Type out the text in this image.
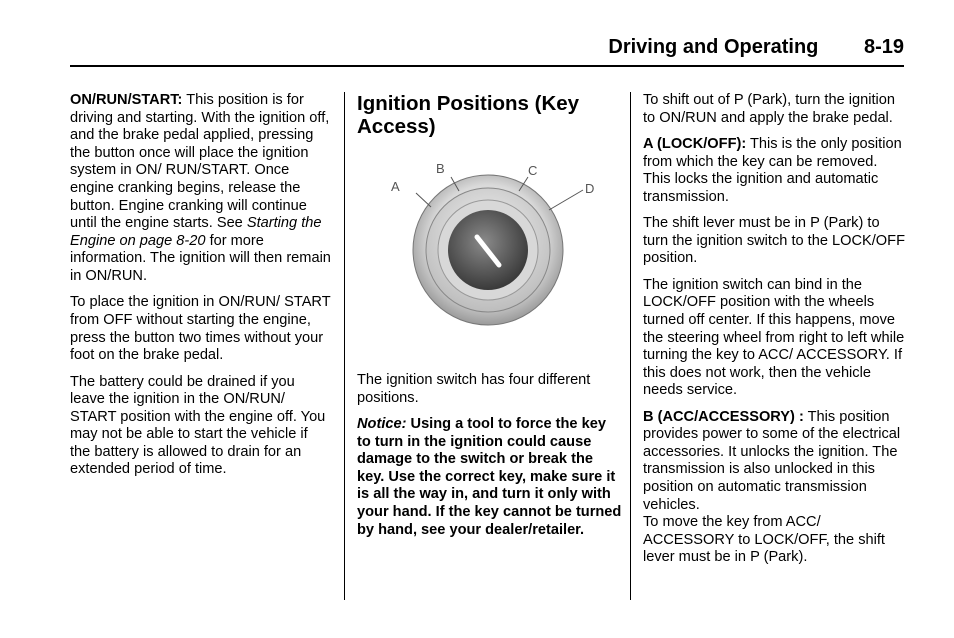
Driving and Operating 8-19

ON/RUN/START: This position is for driving and starting. With the ignition off, and the brake pedal applied, pressing the button once will place the ignition system in ON/ RUN/START. Once engine cranking begins, release the button. Engine cranking will continue until the engine starts. See Starting the Engine on page 8-20 for more information. The ignition will then remain in ON/RUN.

To place the ignition in ON/RUN/ START from OFF without starting the engine, press the button two times without your foot on the brake pedal.

The battery could be drained if you leave the ignition in the ON/RUN/ START position with the engine off. You may not be able to start the vehicle if the battery is allowed to drain for an extended period of time.

Ignition Positions (Key Access)
A
B	C
D

The ignition switch has four different positions.

Notice: Using a tool to force the key to turn in the ignition could cause damage to the switch or break the key. Use the correct key, make sure it is all the way in, and turn it only with your hand. If the key cannot be turned by hand, see your dealer/retailer.

To shift out of P (Park), turn the ignition to ON/RUN and apply the brake pedal.

A (LOCK/OFF): This is the only position from which the key can be removed. This locks the ignition and automatic transmission.

The shift lever must be in P (Park) to turn the ignition switch to the LOCK/OFF position.

The ignition switch can bind in the LOCK/OFF position with the wheels turned off center. If this happens, move the steering wheel from right to left while turning the key to ACC/ ACCESSORY. If this does not work, then the vehicle needs service.

B (ACC/ACCESSORY) : This position provides power to some of the electrical accessories. It unlocks the ignition. The transmission is also unlocked in this position on automatic transmission vehicles.

To move the key from ACC/ ACCESSORY to LOCK/OFF, the shift lever must be in P (Park).
